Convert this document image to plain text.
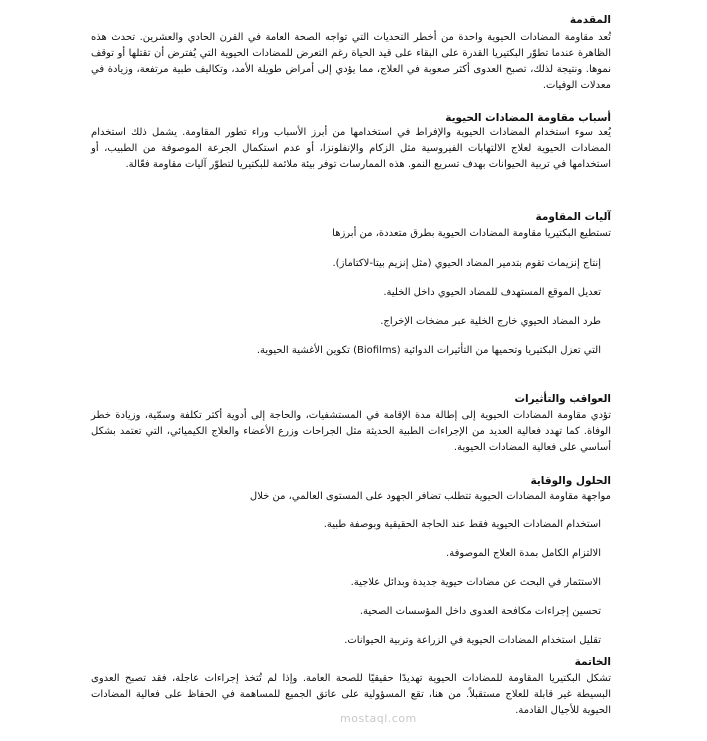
المقدمة

تُعد مقاومة المضادات الحيوية واحدة من أخطر التحديات التي تواجه الصحة العامة في القرن الحادي والعشرين. تحدث هذه الظاهرة عندما تطوّر البكتيريا القدرة على البقاء على قيد الحياة رغم التعرض للمضادات الحيوية التي يُفترض أن تقتلها أو توقف نموها. ونتيجة لذلك، تصبح العدوى أكثر صعوبة في العلاج، مما يؤدي إلى أمراض طويلة الأمد، وتكاليف طبية مرتفعة، وزيادة في معدلات الوفيات.

أسباب مقاومة المضادات الحيوية

يُعد سوء استخدام المضادات الحيوية والإفراط في استخدامها من أبرز الأسباب وراء تطور المقاومة. يشمل ذلك استخدام المضادات الحيوية لعلاج الالتهابات الفيروسية مثل الزكام والإنفلونزا، أو عدم استكمال الجرعة الموصوفة من الطبيب، أو استخدامها في تربية الحيوانات بهدف تسريع النمو. هذه الممارسات توفر بيئة ملائمة للبكتيريا لتطوّر آليات مقاومة فعّالة.

آليات المقاومة

تستطيع البكتيريا مقاومة المضادات الحيوية بطرق متعددة، من أبرزها

إنتاج إنزيمات تقوم بتدمير المضاد الحيوي (مثل إنزيم بيتا-لاكتاماز).
تعديل الموقع المستهدف للمضاد الحيوي داخل الخلية.
طرد المضاد الحيوي خارج الخلية عبر مضخات الإخراج.
التي تعزل البكتيريا وتحميها من التأثيرات الدوائية (Biofilms) تكوين الأغشية الحيوية.
العواقب والتأثيرات

تؤدي مقاومة المضادات الحيوية إلى إطالة مدة الإقامة في المستشفيات، والحاجة إلى أدوية أكثر تكلفة وسمّية، وزيادة خطر الوفاة. كما تهدد فعالية العديد من الإجراءات الطبية الحديثة مثل الجراحات وزرع الأعضاء والعلاج الكيميائي، التي تعتمد بشكل أساسي على فعالية المضادات الحيوية.

الحلول والوقاية

مواجهة مقاومة المضادات الحيوية تتطلب تضافر الجهود على المستوى العالمي، من خلال

استخدام المضادات الحيوية فقط عند الحاجة الحقيقية وبوصفة طبية.
الالتزام الكامل بمدة العلاج الموصوفة.
الاستثمار في البحث عن مضادات حيوية جديدة وبدائل علاجية.
تحسين إجراءات مكافحة العدوى داخل المؤسسات الصحية.
تقليل استخدام المضادات الحيوية في الزراعة وتربية الحيوانات.
الخاتمة

تشكل البكتيريا المقاومة للمضادات الحيوية تهديدًا حقيقيًا للصحة العامة. وإذا لم تُتخذ إجراءات عاجلة، فقد تصبح العدوى البسيطة غير قابلة للعلاج مستقبلاً. من هنا، تقع المسؤولية على عاتق الجميع للمساهمة في الحفاظ على فعالية المضادات الحيوية للأجيال القادمة.

mostaql.com
